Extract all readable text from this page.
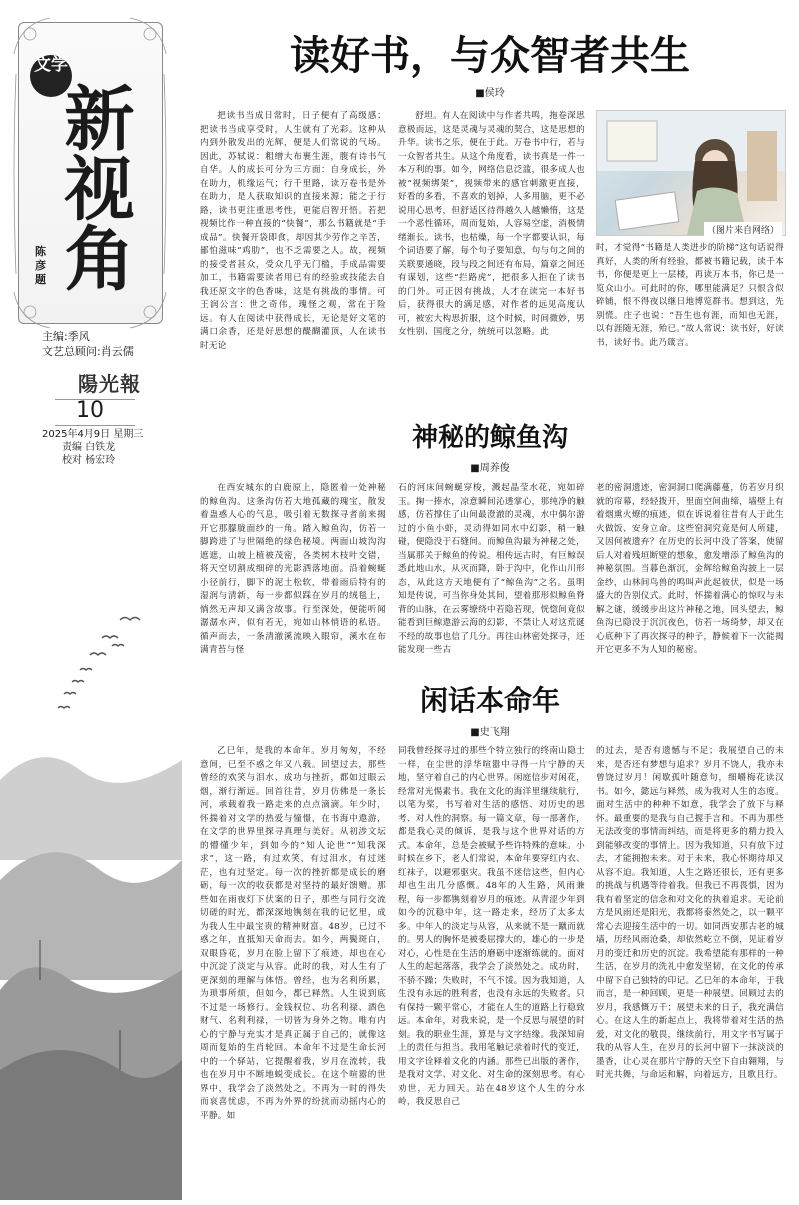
文学
新视角
陈彦题
主编:季风
文艺总顾问:肖云儒
陽光報
10
2025年4月9日 星期三
责编 白铁龙
校对 杨宏玲
读好书，与众智者共生
■侯玲

把读书当成日常时，日子便有了高级感；把读书当成享受时，人生就有了光彩。这种从内到外散发出的光辉，便是人们常说的气场。因此，苏轼说：粗缯大布裹生涯，腹有诗书气自华。人的成长可分为三方面：自身成长，外在助力，机缘运气；行千里路，读万卷书是外在助力，是人获取知识的直接来源；能之于行路，读书更注重思考性，更能启智开悟。若把视频比作一种直接的“快餐”，那么书籍就是“手成品”。快餐开袋即食，却因其少劳作之辛苦，鄙怕滋味“鸡肋”，也不乏需要之人。故，视频的接受者甚众，受众几乎无门槛，手成品需要加工，书籍需要读者用已有的经验或技能去自我还原文字的色香味，这是有挑战的事情。可王润公言：世之奇伟，瑰怪之观，常在于险远。有人在阅读中获得成长，无论是好文笔的满口余香，还是好思想的醍醐灌顶，人在读书时无论

舒坦。有人在阅读中与作者共鸣，拖卷深思意极而远，这是灵魂与灵魂的契合，这是思想的升华。读书之乐，便在于此。万卷书中行，若与一众智者共生。从这个角度看，读书真是一件一本万利的事。如今，网络信息泛滥，很多成人也被“视频绑架”，视频带来的感官刺激更直接，好看的多看，不喜欢的划掉，人多用脑，更不必说用心思考，但舒适区待得越久人越懒惰，这是一个恶性循环，周而复始，人容易空虚，消极情绪渐长。读书，也枯燥，每一个字都要认识，每个词语要了解，每个句子要知意，句与句之间的关联要通晓，段与段之间还有布局，篇章之间还有谋划，这些“拦路虎”，把很多人拒在了读书的门外。可正因有挑战，人才在读完一本好书后，获得很大的满足感，对作者的远见高度认可，被宏大构思折服，这个时候，时间微妙，男女性别、国度之分，统统可以忽略。此

（图片来自网络）

时，才觉得“书籍是人类进步的阶梯”这句话说得真好，人类的所有经验，都被书籍记载，读千本书，你便是更上一层楼，再读万本书，你已是一览众山小。可此时的你，哪里能满足？只恨含似碎铺，恨不得夜以继日地博览群书。想到这，先别慌。庄子也说：“吾生也有涯，而知也无涯，以有涯随无涯，殆已。”故人常说：读书好，好读书，读好书。此乃箴言。

神秘的鲸鱼沟
■周养俊

在西安城东的白鹿原上，隐匿着一处神秘的鲸鱼沟。这条沟仿若大地孤藏的瑰宝，散发着蛊惑人心的气息，吸引着无数探寻者前来揭开它那朦胧面纱的一角。踏入鲸鱼沟，仿若一脚跨进了与世隔绝的绿色秘境。两面山坡沟沟遮遮，山坡上植被茂密，各类树木枝叶交错，将天空切割成细碎的光影洒落地面。沿着蜿蜒小径前行，脚下的泥土松软，带着雨后特有的湿润与清新，每一步都似踩在岁月的绒毯上，惝然无声却又满含故事。行至深处，便能听闻潺潺水声，似有若无，宛如山林悄语的私语。循声而去，一条清澈溪流映入眼帘，溪水在布满青苔与怪

石的河床间蜿蜒穿梭，溅起晶莹水花，宛如碎玉。掬一捧水，凉意瞬间沁透掌心，那纯净的触感，仿若撑住了山间最澄澈的灵魂，水中偶尔游过的小鱼小虾，灵动得如同水中幻影，稍一触碰，便隐没于石缝间。而鲸鱼沟最为神秘之处，当属那关于鲸鱼的传说。相传远古时，有巨鲸误悉此地山水，从灭而降，卧于沟中，化作山川形态，从此这方天地便有了“鲸鱼沟”之名。虽明知是传说，可当你身处其间，望着那形似鲸鱼脊背的山脉，在云雾缭绕中若隐若现，恍惚间竟似能看到巨鲸遨游云海的幻影，不禁让人对这荒诞不经的故事也信了几分。再往山林密处探寻，还能发现一些古

老的密洞遗迹，密洞洞口爬满藤蔓，仿若岁月织就的帘幕，经轻拨开，里面空间曲缔，墙壁上有着烟熏火燎的痕迹，似在诉说着往昔有人于此生火做饭、安身立命。这些窑洞究竟是何人所建，又因何被遗弃？在历史的长河中没了答案，使留后人对着残垣断壁的想象，愈发增添了鲸鱼沟的神秘氛围。当暮色渐沉，金辉给鲸鱼沟披上一层金纱，山林间鸟兽的鸣叫声此起彼伏，似是一场盛大的告别仪式。此时，怀揣着满心的惊叹与未解之谜，缓缓步出这片神秘之地，回头望去，鲸鱼沟已隐没于沉沉夜色，仿若一场绮梦，却又在心底种下了再次探寻的种子，静候着下一次能揭开它更多不为人知的秘密。

闲话本命年
■史飞翔

乙巳年，是我的本命年。岁月匆匆，不经意间，已至不惑之年又八载。回望过去，那些曾经的欢笑与泪水、成功与挫折，都如过眼云烟，渐行渐远。回首往昔，岁月仿佛是一条长河，承载着我一路走来的点点滴滴。年少时，怀揣着对文学的热爱与憧憬，在书海中遨游，在文学的世界里探寻真理与美好。从初涉文坛的懵懂少年，到如今的“知人论世”“知我深求”，这一路，有过欢笑，有过泪水，有过迷茫，也有过坚定。每一次的挫折都是成长的磨砺，每一次的收获都是对坚持的最好馈赠。那些如在雨夜灯下伏案的日子，那些与同行交流切磋的时光，都深深地镌刻在我的记忆里，成为我人生中最宝贵的精神财富。48岁，已过不惑之年，直抵知天命而去。如今，两鬓斑白，双眼昏花，岁月在脸上留下了痕迹，却也在心中沉淀了淡定与从容。此时的我，对人生有了更深刻的理解与体悟。曾经，也为名利所累，为琐事所烦，但如今，都已释然。人生说到底不过是一场修行。金钱权位、功名利禄、酒色财气、名利利禄，一切皆为身外之物。唯有内心的宁静与充实才是真正属于自己的，就像这周而复始的生肖轮回。本命年不过是生命长河中的一个驿站，它提醒着我，岁月在流转，我也在岁月中不断地蜕变成长。在这个喧嚣的世界中，我学会了淡然处之。不再为一时的得失而哀喜忧虑，不再为外界的纷扰而动摇内心的平静。如

同我曾经探寻过的那些个特立独行的终南山隐士一样，在尘世的浮华喧嚣中寻得一片宁静的天地，坚守着自己的内心世界。闲庭信步对闲花，经常对光惕素书。我在文化的海洋里继续航行，以笔为桨，书写着对生活的感悟、对历史的思考、对人性的洞察。每一篇文章，每一部著作，都是我心灵的倾诉，是我与这个世界对话的方式。本命年，总是会被赋予些许特殊的意味。小时候在乡下，老人们常说，本命年要穿红内衣、红袜子，以避邪驱灾。我虽不迷信这些，但内心却也生出几分感慨。48年的人生路，风雨兼程，每一步都镌刻着岁月的痕迹。从青涩少年到如今的沉稳中年，这一路走来，经历了太多太多。中年人的淡定与从容，从来就不是一蹴而就的。男人的胸怀是被委屈撑大的，雄心的一步是对心，心性是在生活的磨砺中逐渐练就的。面对人生的起起落落，我学会了淡然处之。成功时，不骄不躁；失败时，不气不馁。因为我知道，人生没有永远的胜利者，也没有永远的失败者。只有保持一颗平常心，才能在人生的道路上行稳致远。本命年，对我来说，是一个反思与展望的时刻。我的职业生涯，算是与文字结缘。我深知肩上的责任与担当。我用笔触记录着时代的变迁，用文字诠释着文化的内涵。那些已出版的著作，是我对文学、对文化、对生命的深刻思考。有心劝世，无力回天。站在48岁这个人生的分水岭，我反思自己

的过去，是否有遗憾与不足；我展望自己的未来，是否还有梦想与追求？岁月不饶人，我亦未曾饶过岁月！闲歇孤叶随意句，细嚼梅花读汉书。如今，懿远与释然，成为我对人生的态度。面对生活中的种种不如意，我学会了放下与释怀。最重要的是我与自己握手言和。不再为那些无法改变的事情而纠结，而是将更多的精力投入到能够改变的事情上。因为我知道，只有放下过去，才能拥抱未来。对于未来，我心怀期待却又从容不迫。我知道，人生之路还很长，还有更多的挑战与机遇等待着我。但我已不再畏惧，因为我有着坚定的信念和对文化的执着追求。无论前方是风雨还是阳光，我都将泰然处之，以一颗平常心去迎接生活中的一切。如同西安那古老的城墙，历经风雨沧桑，却依然屹立不倒，见证着岁月的变迁和历史的沉淀。我希望能有那样的一种生活，在岁月的洗礼中愈发坚韧，在文化的传承中留下自己独特的印记。乙巳年的本命年，于我而言，是一种回顾，更是一种展望。回顾过去的岁月，我感慨万千；展望未来的日子，我充满信心。在这人生的新起点上，我将带着对生活的热爱，对文化的敬畏，继续前行，用文字书写属于我的从容人生，在岁月的长河中留下一抹淡淡的墨香，让心灵在那片宁静的天空下自由翱翔，与时光共舞，与命运和解，向着远方，且歌且行。
